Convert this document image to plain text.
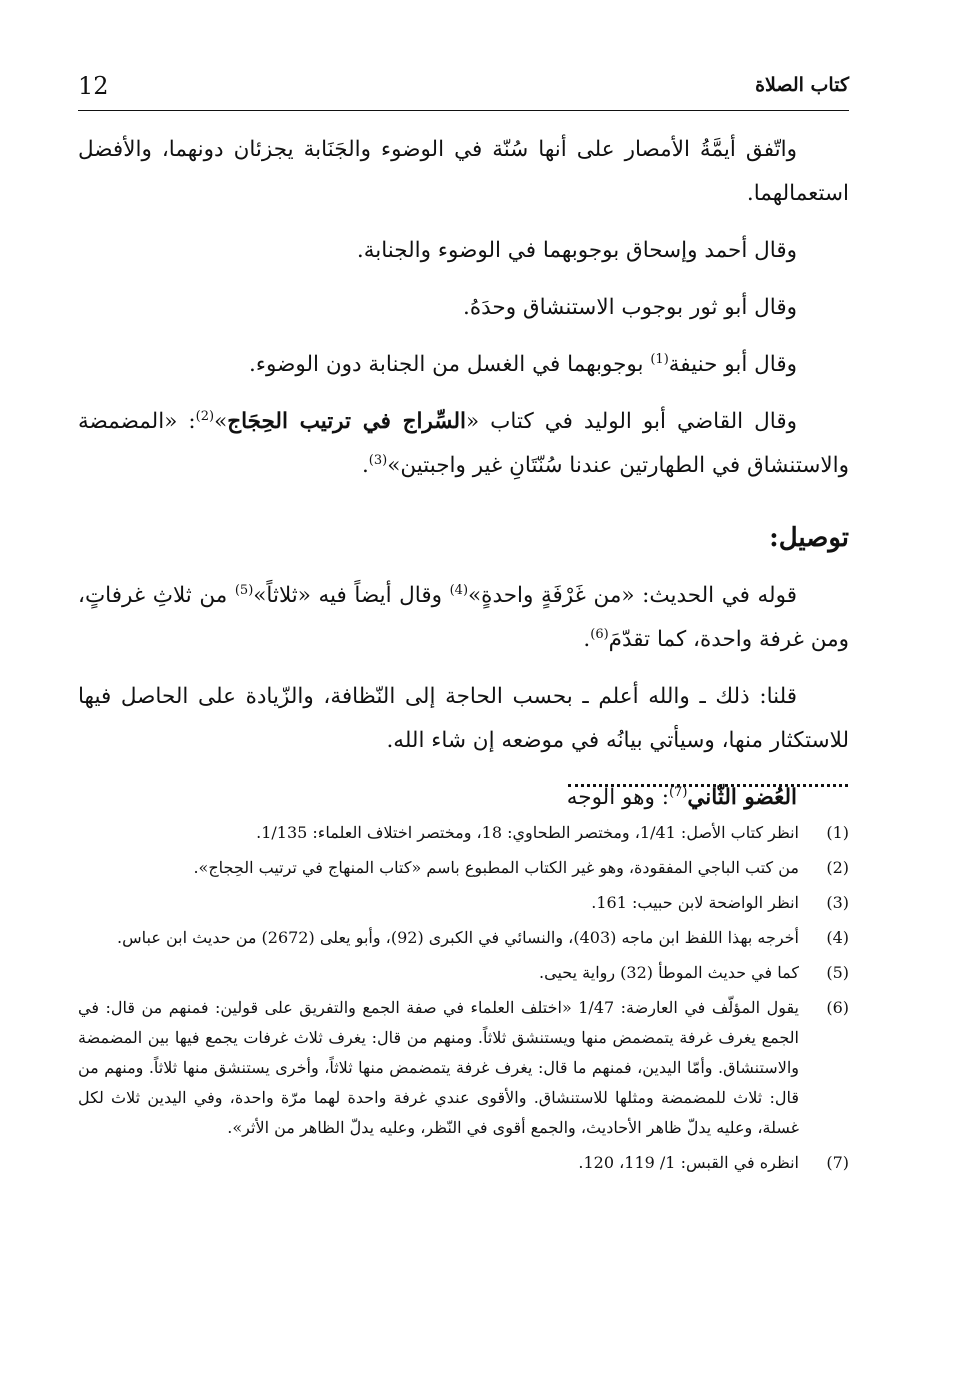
12	كتاب الصلاة

واتّفق أيمَّةُ الأمصار على أنها سُنّة في الوضوء والجَنَابة يجزئان دونهما، والأفضل استعمالهما.

وقال أحمد وإسحاق بوجوبهما في الوضوء والجنابة.

وقال أبو ثور بوجوب الاستنشاق وحدَهُ.

وقال أبو حنيفة$^{(1)}$ بوجوبهما في الغسل من الجنابة دون الوضوء.

وقال القاضي أبو الوليد في كتاب «السِّراج في ترتيب الحِجَاج»$^{(2)}$: «المضمضة والاستنشاق في الطهارتين عندنا سُنّتَانِ غير واجبتين»$^{(3)}$.

توصيل:

قوله في الحديث: «من غَرْفَةٍ واحدةٍ»$^{(4)}$ وقال أيضاً فيه «ثلاثاً»$^{(5)}$ من ثلاثِ غرفاتٍ، ومن غرفة واحدة، كما تقدّمَ$^{(6)}$.

قلنا: ذلك ـ والله أعلم ـ بحسب الحاجة إلى النّظافة، والزّيادة على الحاصل فيها للاستكثار منها، وسيأتي بيانُه في موضعه إن شاء الله.

العُضو الثّاني$^{(7)}$: وهو الوجه

(1)
انظر كتاب الأصل: 1/41، ومختصر الطحاوي: 18، ومختصر اختلاف العلماء: 1/135.
(2)
من كتب الباجي المفقودة، وهو غير الكتاب المطبوع باسم «كتاب المنهاج في ترتيب الحِجاج».
(3)
انظر الواضحة لابن حبيب: 161.
(4)
أخرجه بهذا اللفظ ابن ماجه (403)، والنسائي في الكبرى (92)، وأبو يعلى (2672) من حديث ابن عباس.
(5)
كما في حديث الموطأ (32) رواية يحيى.
(6)
يقول المؤلّف في العارضة: 1/47 «اختلف العلماء في صفة الجمع والتفريق على قولين: فمنهم من قال: في الجمع يغرف غرفة يتمضمض منها ويستنشق ثلاثاً. ومنهم من قال: يغرف ثلاث غرفات يجمع فيها بين المضمضة والاستنشاق. وأمّا اليدين، فمنهم ما قال: يغرف غرفة يتمضمض منها ثلاثاً، وأخرى يستنشق منها ثلاثاً. ومنهم من قال: ثلاث للمضمضة ومثلها للاستنشاق. والأقوى عندي غرفة واحدة لهما مرّة واحدة، وفي اليدين ثلاث لكل غسلة، وعليه يدلّ ظاهر الأحاديث، والجمع أقوى في النّظر، وعليه يدلّ الظاهر من الأثر».
(7)
انظره في القبس: 1/ 119، 120.
